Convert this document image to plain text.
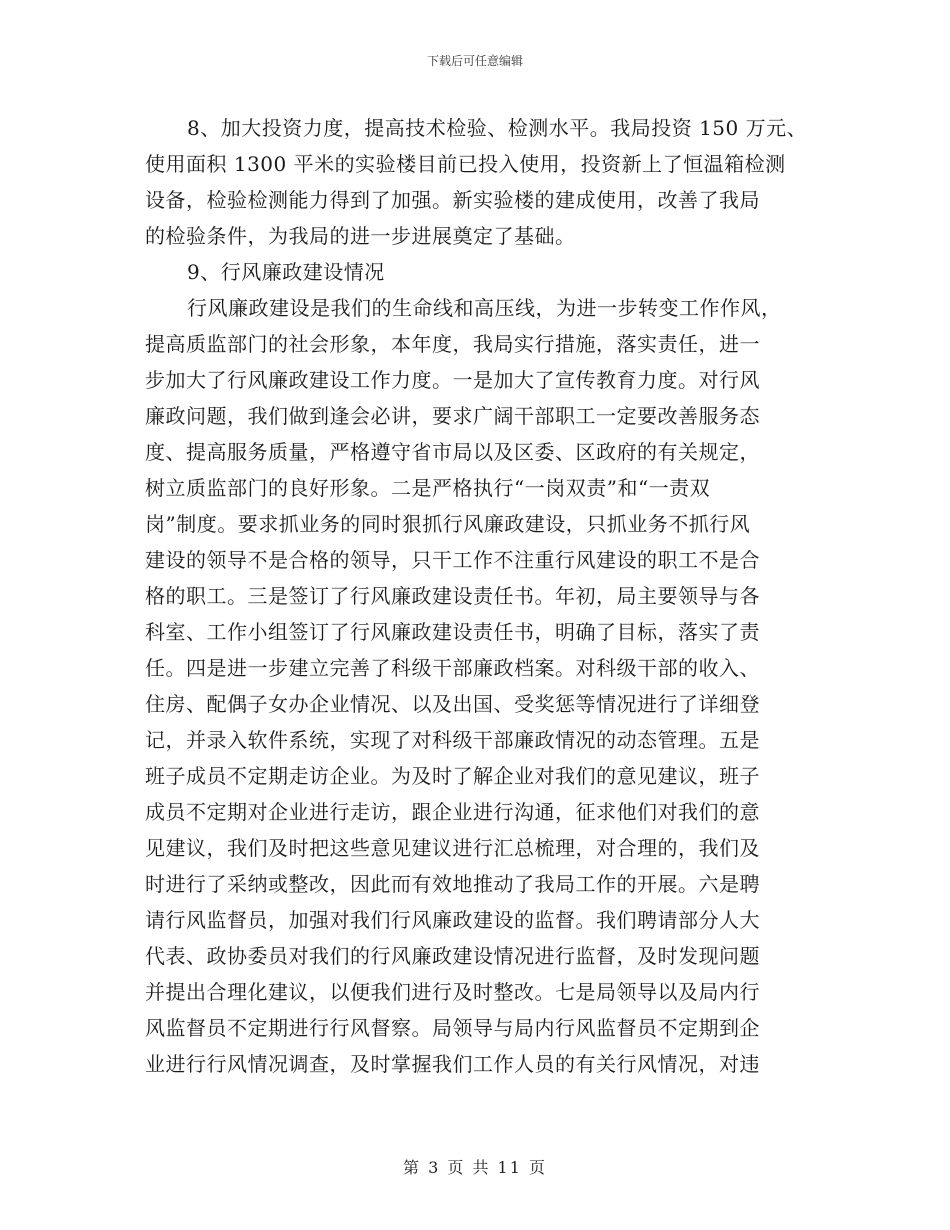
下载后可任意编辑
8、加大投资力度，提高技术检验、检测水平。我局投资 150 万元、
使用面积 1300 平米的实验楼目前已投入使用，投资新上了恒温箱检测
设备，检验检测能力得到了加强。新实验楼的建成使用，改善了我局
的检验条件，为我局的进一步进展奠定了基础。
9、行风廉政建设情况
行风廉政建设是我们的生命线和高压线，为进一步转变工作作风，
提高质监部门的社会形象，本年度，我局实行措施，落实责任，进一
步加大了行风廉政建设工作力度。一是加大了宣传教育力度。对行风
廉政问题，我们做到逢会必讲，要求广阔干部职工一定要改善服务态
度、提高服务质量，严格遵守省市局以及区委、区政府的有关规定，
树立质监部门的良好形象。二是严格执行“一岗双责”和“一责双
岗”制度。要求抓业务的同时狠抓行风廉政建设，只抓业务不抓行风
建设的领导不是合格的领导，只干工作不注重行风建设的职工不是合
格的职工。三是签订了行风廉政建设责任书。年初，局主要领导与各
科室、工作小组签订了行风廉政建设责任书，明确了目标，落实了责
任。四是进一步建立完善了科级干部廉政档案。对科级干部的收入、
住房、配偶子女办企业情况、以及出国、受奖惩等情况进行了详细登
记，并录入软件系统，实现了对科级干部廉政情况的动态管理。五是
班子成员不定期走访企业。为及时了解企业对我们的意见建议，班子
成员不定期对企业进行走访，跟企业进行沟通，征求他们对我们的意
见建议，我们及时把这些意见建议进行汇总梳理，对合理的，我们及
时进行了采纳或整改，因此而有效地推动了我局工作的开展。六是聘
请行风监督员，加强对我们行风廉政建设的监督。我们聘请部分人大
代表、政协委员对我们的行风廉政建设情况进行监督，及时发现问题
并提出合理化建议，以便我们进行及时整改。七是局领导以及局内行
风监督员不定期进行行风督察。局领导与局内行风监督员不定期到企
业进行行风情况调查，及时掌握我们工作人员的有关行风情况，对违
第 3 页 共 11 页
